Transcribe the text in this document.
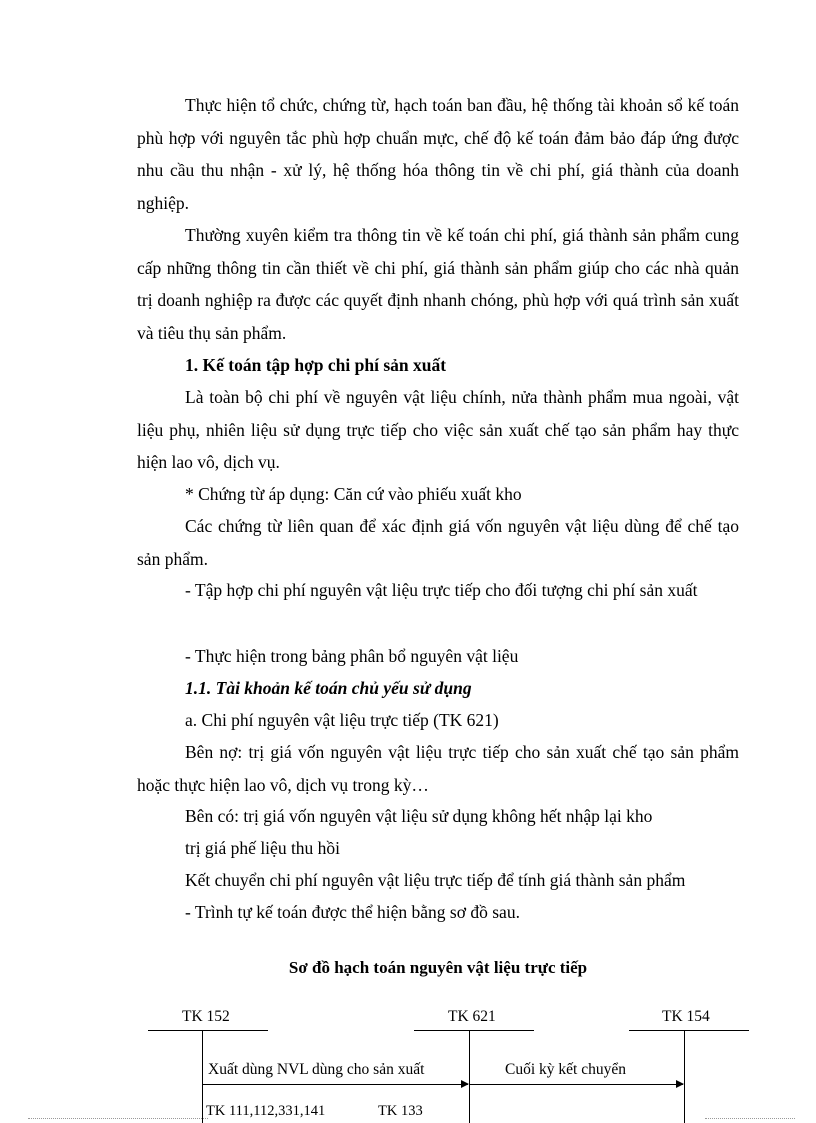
Thực hiện tổ chức, chứng từ, hạch toán ban đầu, hệ thống tài khoản sổ kế toán phù hợp với nguyên tắc phù hợp chuẩn mực, chế độ kế toán đảm bảo đáp ứng được nhu cầu thu nhận - xử lý, hệ thống hóa thông tin về chi phí, giá thành của doanh nghiệp.

Thường xuyên kiểm tra thông tin về kế toán chi phí, giá thành sản phẩm cung cấp những thông tin cần thiết về chi phí, giá thành sản phẩm giúp cho các nhà quản trị doanh nghiệp ra được các quyết định nhanh chóng, phù hợp với quá trình sản xuất và tiêu thụ sản phẩm.

1. Kế toán tập hợp chi phí sản xuất

Là toàn bộ chi phí về nguyên vật liệu chính, nửa thành phẩm mua ngoài, vật liệu phụ, nhiên liệu sử dụng trực tiếp cho việc sản xuất chế tạo sản phẩm hay thực hiện lao vô, dịch vụ.

* Chứng từ áp dụng: Căn cứ vào phiếu xuất kho

Các chứng từ liên quan để xác định giá vốn nguyên vật liệu dùng để chế tạo sản phẩm.

- Tập hợp chi phí nguyên vật liệu trực tiếp cho đối tượng chi phí sản xuất

- Thực hiện trong bảng phân bổ nguyên vật liệu

1.1. Tài khoản kế toán chủ yếu sử dụng

a. Chi phí nguyên vật liệu trực tiếp (TK 621)

Bên nợ: trị giá vốn nguyên vật liệu trực tiếp cho sản xuất chế tạo sản phẩm hoặc thực hiện lao vô, dịch vụ trong kỳ…

Bên có: trị giá vốn nguyên vật liệu sử dụng không hết nhập lại kho

trị giá phế liệu thu hồi

Kết chuyển chi phí nguyên vật liệu trực tiếp để tính giá thành sản phẩm

- Trình tự kế toán được thể hiện bằng sơ đồ sau.

Sơ đồ hạch toán nguyên vật liệu trực tiếp

TK 152	TK 621	TK 154
Xuất dùng NVL dùng cho sản xuất	Cuối kỳ kết chuyển
TK 111,112,331,141	TK 133
